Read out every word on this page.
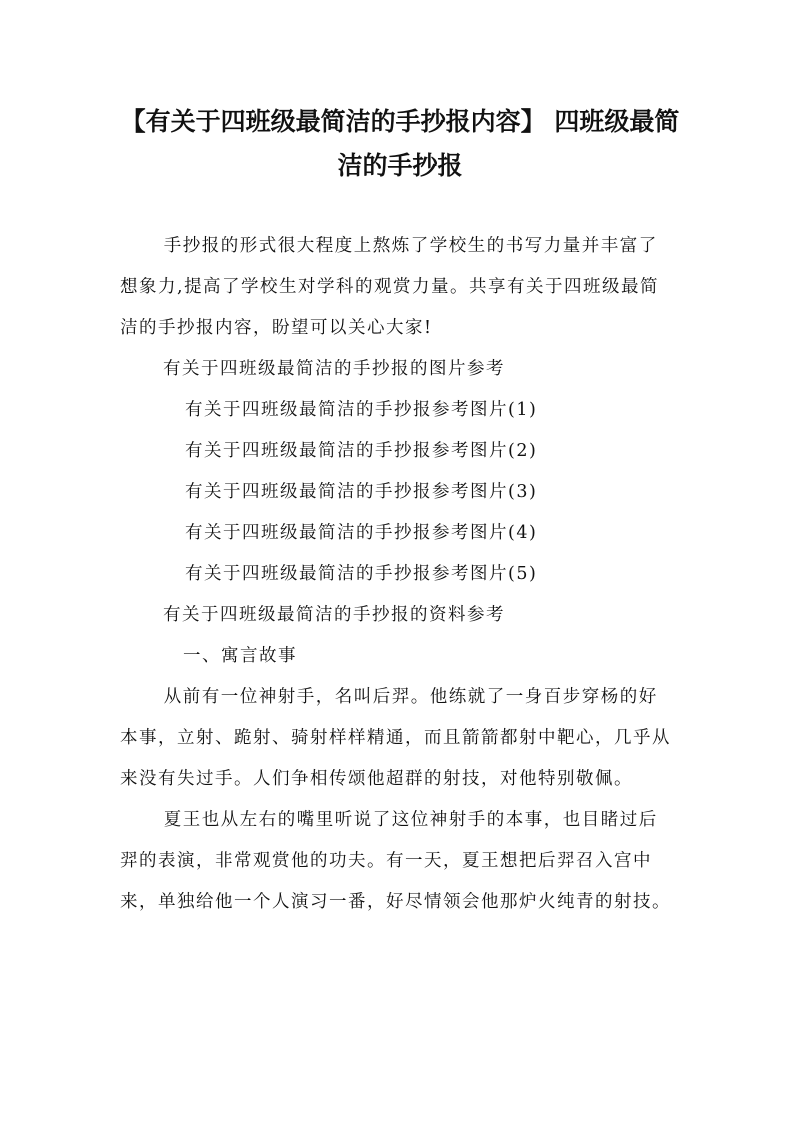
【有关于四班级最简洁的手抄报内容】 四班级最简洁的手抄报

手抄报的形式很大程度上熬炼了学校生的书写力量并丰富了想象力,提高了学校生对学科的观赏力量。共享有关于四班级最简洁的手抄报内容，盼望可以关心大家!

有关于四班级最简洁的手抄报的图片参考

有关于四班级最简洁的手抄报参考图片(1)

有关于四班级最简洁的手抄报参考图片(2)

有关于四班级最简洁的手抄报参考图片(3)

有关于四班级最简洁的手抄报参考图片(4)

有关于四班级最简洁的手抄报参考图片(5)

有关于四班级最简洁的手抄报的资料参考

一、寓言故事

从前有一位神射手，名叫后羿。他练就了一身百步穿杨的好本事，立射、跪射、骑射样样精通，而且箭箭都射中靶心，几乎从来没有失过手。人们争相传颂他超群的射技，对他特别敬佩。

夏王也从左右的嘴里听说了这位神射手的本事，也目睹过后羿的表演，非常观赏他的功夫。有一天，夏王想把后羿召入宫中来，单独给他一个人演习一番，好尽情领会他那炉火纯青的射技。
